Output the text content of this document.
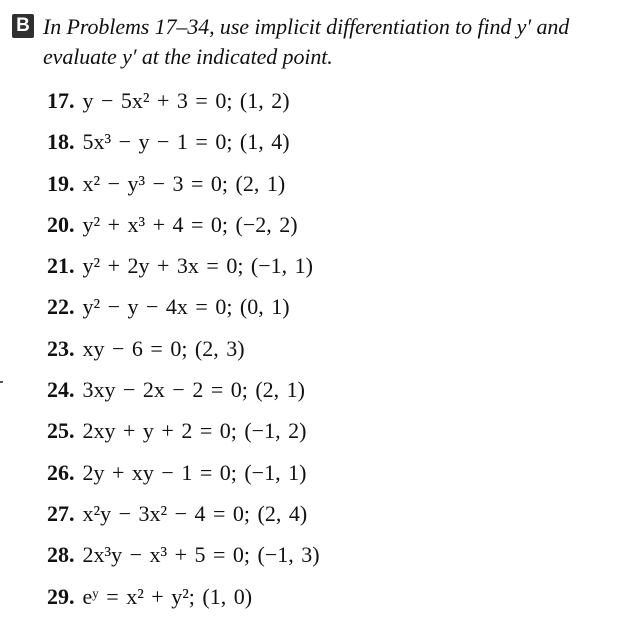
B In Problems 17–34, use implicit differentiation to find y′ and evaluate y′ at the indicated point.
17. y − 5x² + 3 = 0; (1, 2)
18. 5x³ − y − 1 = 0; (1, 4)
19. x² − y³ − 3 = 0; (2, 1)
20. y² + x³ + 4 = 0; (−2, 2)
21. y² + 2y + 3x = 0; (−1, 1)
22. y² − y − 4x = 0; (0, 1)
23. xy − 6 = 0; (2, 3)
24. 3xy − 2x − 2 = 0; (2, 1)
25. 2xy + y + 2 = 0; (−1, 2)
26. 2y + xy − 1 = 0; (−1, 1)
27. x²y − 3x² − 4 = 0; (2, 4)
28. 2x³y − x³ + 5 = 0; (−1, 3)
29. eʸ = x² + y²; (1, 0)
